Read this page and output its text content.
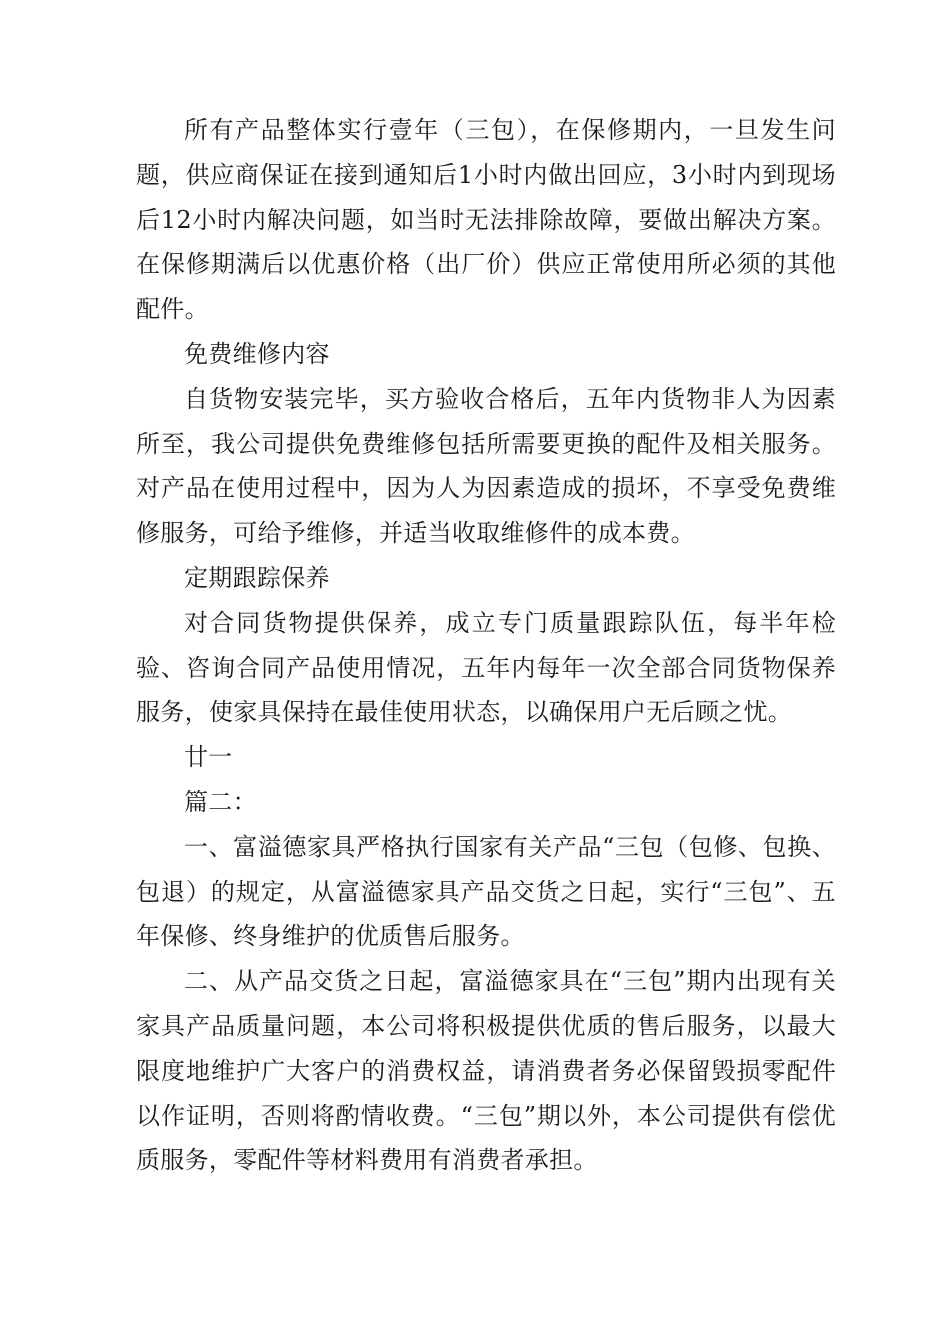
所有产品整体实行壹年（三包），在保修期内，一旦发生问题，供应商保证在接到通知后1小时内做出回应，3小时内到现场后12小时内解决问题，如当时无法排除故障，要做出解决方案。在保修期满后以优惠价格（出厂价）供应正常使用所必须的其他配件。

免费维修内容

自货物安装完毕，买方验收合格后，五年内货物非人为因素所至，我公司提供免费维修包括所需要更换的配件及相关服务。对产品在使用过程中，因为人为因素造成的损坏，不享受免费维修服务，可给予维修，并适当收取维修件的成本费。

定期跟踪保养

对合同货物提供保养，成立专门质量跟踪队伍，每半年检验、咨询合同产品使用情况，五年内每年一次全部合同货物保养服务，使家具保持在最佳使用状态，以确保用户无后顾之忧。

廿一

篇二：

一、富溢德家具严格执行国家有关产品“三包（包修、包换、包退）的规定，从富溢德家具产品交货之日起，实行“三包”、五年保修、终身维护的优质售后服务。

二、从产品交货之日起，富溢德家具在“三包”期内出现有关家具产品质量问题，本公司将积极提供优质的售后服务，以最大限度地维护广大客户的消费权益，请消费者务必保留毁损零配件以作证明，否则将酌情收费。“三包”期以外，本公司提供有偿优质服务，零配件等材料费用有消费者承担。
